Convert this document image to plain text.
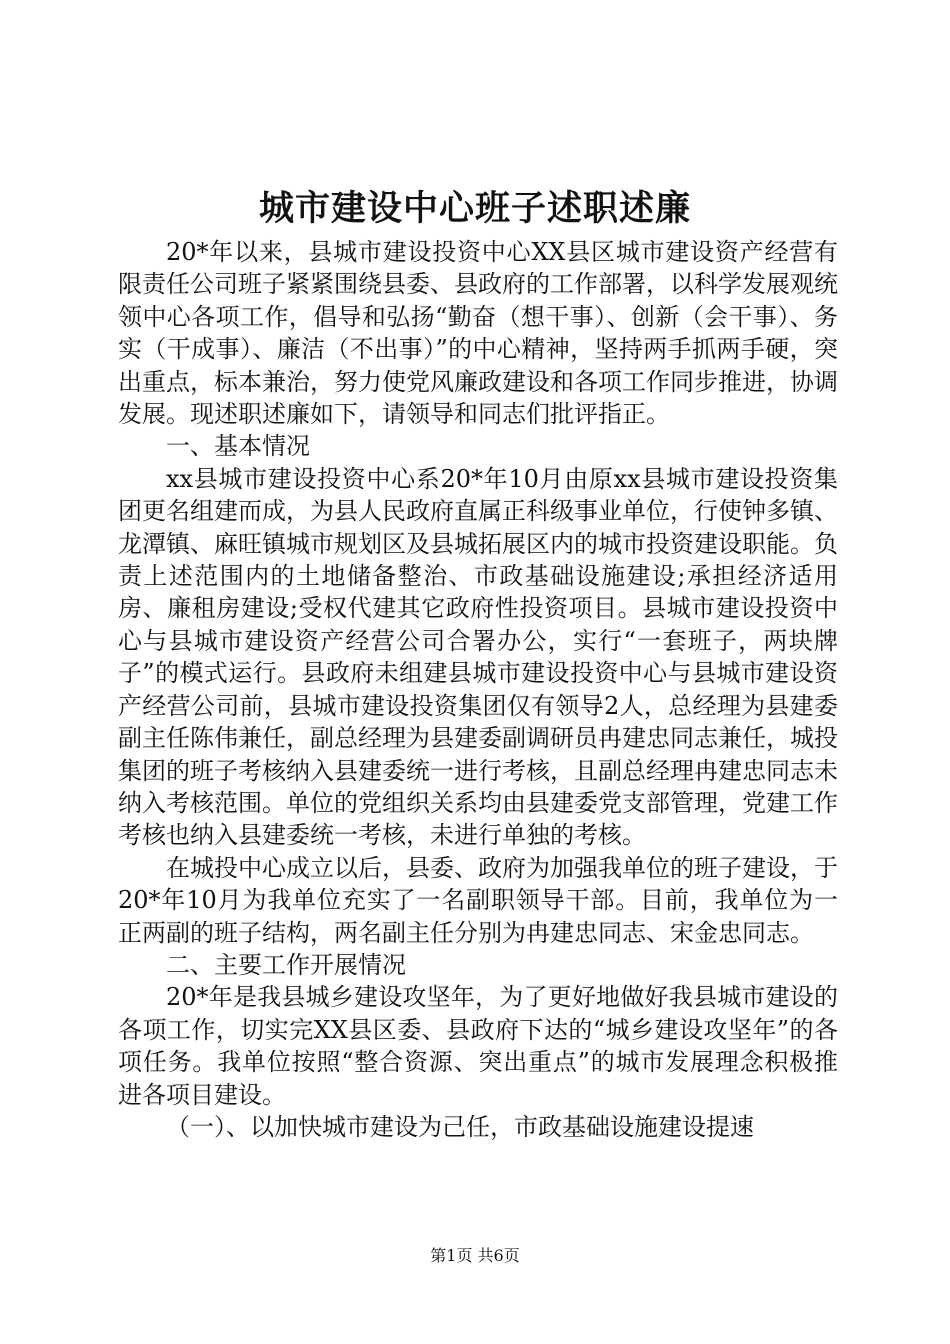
城市建设中心班子述职述廉

20*年以来，县城市建设投资中心XX县区城市建设资产经营有限责任公司班子紧紧围绕县委、县政府的工作部署，以科学发展观统领中心各项工作，倡导和弘扬“勤奋（想干事）、创新（会干事）、务实（干成事）、廉洁（不出事）”的中心精神，坚持两手抓两手硬，突出重点，标本兼治，努力使党风廉政建设和各项工作同步推进，协调发展。现述职述廉如下，请领导和同志们批评指正。

一、基本情况

xx县城市建设投资中心系20*年10月由原xx县城市建设投资集团更名组建而成，为县人民政府直属正科级事业单位，行使钟多镇、龙潭镇、麻旺镇城市规划区及县城拓展区内的城市投资建设职能。负责上述范围内的土地储备整治、市政基础设施建设;承担经济适用房、廉租房建设;受权代建其它政府性投资项目。县城市建设投资中心与县城市建设资产经营公司合署办公，实行“一套班子，两块牌子”的模式运行。县政府未组建县城市建设投资中心与县城市建设资产经营公司前，县城市建设投资集团仅有领导2人，总经理为县建委副主任陈伟兼任，副总经理为县建委副调研员冉建忠同志兼任，城投集团的班子考核纳入县建委统一进行考核，且副总经理冉建忠同志未纳入考核范围。单位的党组织关系均由县建委党支部管理，党建工作考核也纳入县建委统一考核，未进行单独的考核。

在城投中心成立以后，县委、政府为加强我单位的班子建设，于20*年10月为我单位充实了一名副职领导干部。目前，我单位为一正两副的班子结构，两名副主任分别为冉建忠同志、宋金忠同志。

二、主要工作开展情况

20*年是我县城乡建设攻坚年，为了更好地做好我县城市建设的各项工作，切实完XX县区委、县政府下达的“城乡建设攻坚年”的各项任务。我单位按照“整合资源、突出重点”的城市发展理念积极推进各项目建设。

（一）、以加快城市建设为己任，市政基础设施建设提速

第1页 共6页
